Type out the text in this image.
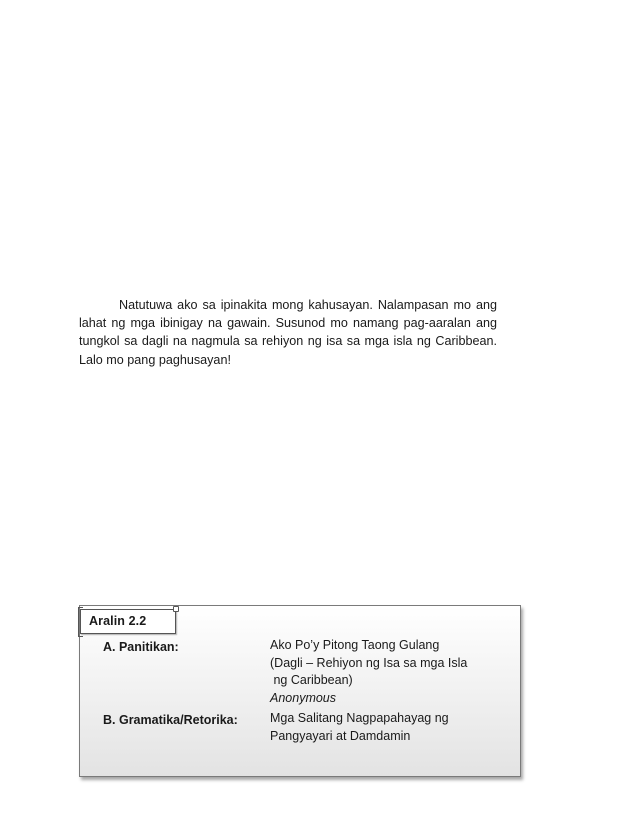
Natutuwa ako sa ipinakita mong kahusayan. Nalampasan mo ang lahat ng mga ibinigay na gawain. Susunod mo namang pag-aaralan ang tungkol sa dagli na nagmula sa rehiyon ng isa sa mga isla ng Caribbean. Lalo mo pang paghusayan!

Aralin 2.2
A. Panitikan:	Ako Po’y Pitong Taong Gulang
(Dagli – Rehiyon ng Isa sa mga Isla
ng Caribbean)
Anonymous
B. Gramatika/Retorika:	Mga Salitang Nagpapahayag ng
Pangyayari at Damdamin
